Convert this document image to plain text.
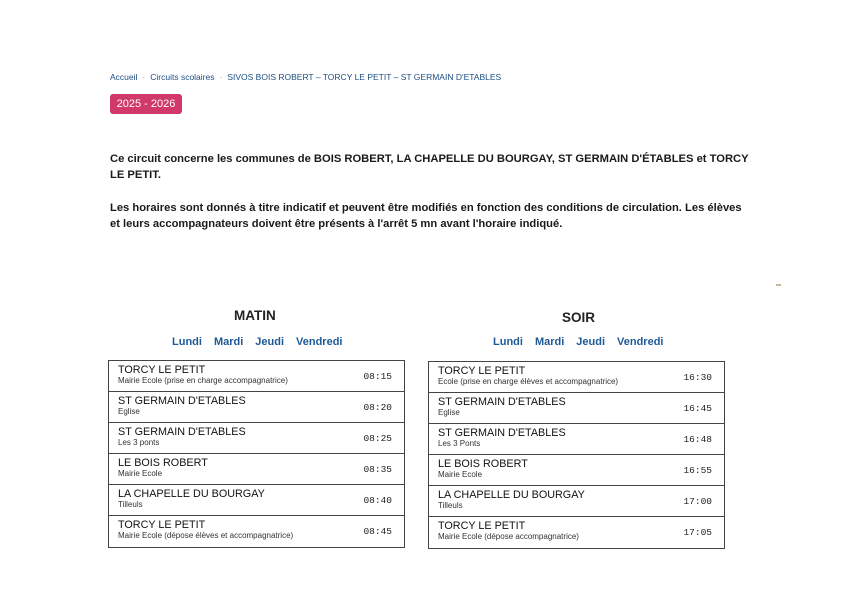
Accueil · Circuits scolaires · SIVOS BOIS ROBERT – TORCY LE PETIT – ST GERMAIN D'ETABLES
2025 - 2026

Ce circuit concerne les communes de BOIS ROBERT, LA CHAPELLE DU BOURGAY, ST GERMAIN D'ÉTABLES et TORCY LE PETIT.

Les horaires sont donnés à titre indicatif et peuvent être modifiés en fonction des conditions de circulation. Les élèves et leurs accompagnateurs doivent être présents à l'arrêt 5 mn avant l'horaire indiqué.

MATIN
Lundi Mardi Jeudi Vendredi
TORCY LE PETIT
Mairie Ecole (prise en charge accompagnatrice)	08:15
ST GERMAIN D'ETABLES
Eglise	08:20
ST GERMAIN D'ETABLES
Les 3 ponts	08:25
LE BOIS ROBERT
Mairie Ecole	08:35
LA CHAPELLE DU BOURGAY
Tilleuls	08:40
TORCY LE PETIT
Mairie Ecole (dépose élèves et accompagnatrice)	08:45
SOIR
Lundi Mardi Jeudi Vendredi
TORCY LE PETIT
Ecole (prise en charge élèves et accompagnatrice)	16:30
ST GERMAIN D'ETABLES
Eglise	16:45
ST GERMAIN D'ETABLES
Les 3 Ponts	16:48
LE BOIS ROBERT
Mairie Ecole	16:55
LA CHAPELLE DU BOURGAY
Tilleuls	17:00
TORCY LE PETIT
Mairie Ecole (dépose accompagnatrice)	17:05
